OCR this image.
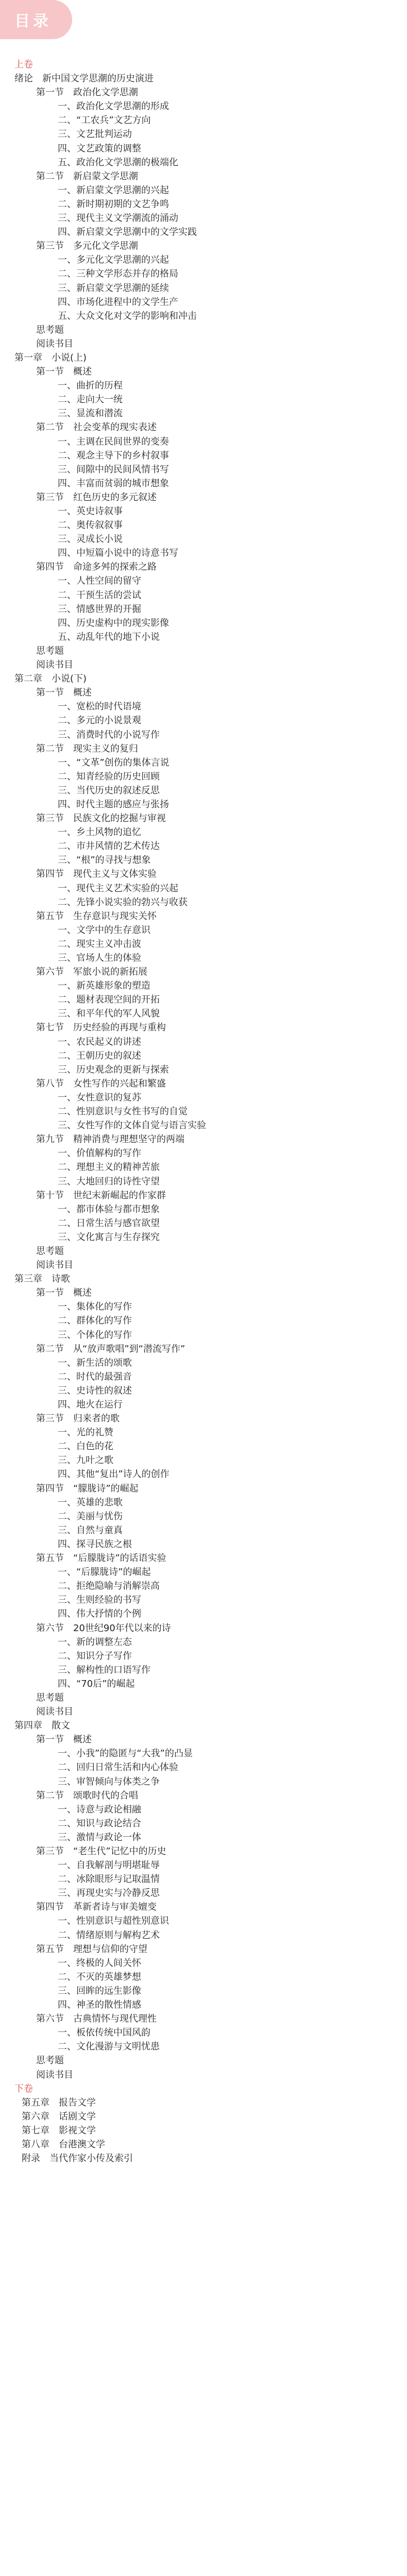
目录
上卷
绪论　新中国文学思潮的历史演进
第一节　政治化文学思潮
一、政治化文学思潮的形成
二、“工农兵”文艺方向
三、文艺批判运动
四、文艺政策的调整
五、政治化文学思潮的极端化
第二节　新启蒙文学思潮
一、新启蒙文学思潮的兴起
二、新时期初期的文艺争鸣
三、现代主义文学潮流的涌动
四、新启蒙文学思潮中的文学实践
第三节　多元化文学思潮
一、多元化文学思潮的兴起
二、三种文学形态并存的格局
三、新启蒙文学思潮的延续
四、市场化进程中的文学生产
五、大众文化对文学的影响和冲击
思考题
阅读书目
第一章　小说(上)
第一节　概述
一、曲折的历程
二、走向大一统
三、显流和潜流
第二节　社会变革的现实表述
一、主调在民间世界的变奏
二、观念主导下的乡村叙事
三、间隙中的民间风情书写
四、丰富而贫弱的城市想象
第三节　红色历史的多元叙述
一、英史诗叙事
二、奥传叙叙事
三、灵成长小说
四、中短篇小说中的诗意书写
第四节　命途多舛的探索之路
一、人性空间的留守
二、干预生活的尝试
三、情感世界的开掘
四、历史虚构中的现实影像
五、动乱年代的地下小说
思考题
阅读书目
第二章　小说(下)
第一节　概述
一、宽松的时代语境
二、多元的小说景观
三、消费时代的小说写作
第二节　现实主义的复归
一、“文革”创伤的集体言说
二、知青经验的历史回顾
三、当代历史的叙述反思
四、时代主题的感应与张扬
第三节　民族文化的挖掘与审视
一、乡土风物的追忆
二、市井风情的艺术传达
三、“根”的寻找与想象
第四节　现代主义与文体实验
一、现代主义艺术实验的兴起
二、先锋小说实验的勃兴与收获
第五节　生存意识与现实关怀
一、文学中的生存意识
二、现实主义冲击波
三、官场人生的体验
第六节　军旅小说的新拓展
一、新英雄形象的塑造
二、题材表现空间的开拓
三、和平年代的军人风貌
第七节　历史经验的再现与重构
一、农民起义的讲述
二、王朝历史的叙述
三、历史观念的更新与探索
第八节　女性写作的兴起和繁盛
一、女性意识的复苏
二、性别意识与女性书写的自觉
三、女性写作的文体自觉与语言实验
第九节　精神消费与理想坚守的两端
一、价值解构的写作
二、理想主义的精神苦旅
三、大地回归的诗性守望
第十节　世纪末新崛起的作家群
一、都市体验与都市想象
二、日常生活与感官欲望
三、文化寓言与生存探究
思考题
阅读书目
第三章　诗歌
第一节　概述
一、集体化的写作
二、群体化的写作
三、个体化的写作
第二节　从“放声歌唱”到“潜流写作”
一、新生活的颂歌
二、时代的最强音
三、史诗性的叙述
四、地火在运行
第三节　归来者的歌
一、光的礼赞
二、白色的花
三、九叶之歌
四、其他“复出”诗人的创作
第四节　“朦胧诗”的崛起
一、英雄的悲歌
二、美丽与忧伤
三、自然与童真
四、探寻民族之根
第五节　“后朦胧诗”的话语实验
一、“后朦胧诗”的崛起
二、拒绝隐喻与消解崇高
三、生则经验的书写
四、伟大抒情的个例
第六节　20世纪90年代以来的诗
一、新的调整左态
二、知识分子写作
三、解构性的口语写作
四、“70后”的崛起
思考题
阅读书目
第四章　散文
第一节　概述
一、小我”的隐匿与“大我”的凸显
二、回归日常生活和内心体验
三、审智倾向与体类之争
第二节　颂歌时代的合唱
一、诗意与政论相融
二、知识与政论结合
三、激情与政论一体
第三节　“老生代”记忆中的历史
一、自我解剖与明堪耻辱
二、冰除眼形与记取温情
三、再现史实与冷静反思
第四节　革新者诗与审美嬗变
一、性别意识与超性别意识
二、情绪原则与解构艺术
第五节　理想与信仰的守望
一、终极的人间关怀
二、不灭的英雄梦想
三、回眸的远生影像
四、神圣的散性情感
第六节　古典情怀与现代理性
一、板依传统中国风韵
二、文化漫游与文明忧患
思考题
阅读书目
下卷
第五章　报告文学
第六章　话剧文学
第七章　影视文学
第八章　台港澳文学
附录　当代作家小传及索引
